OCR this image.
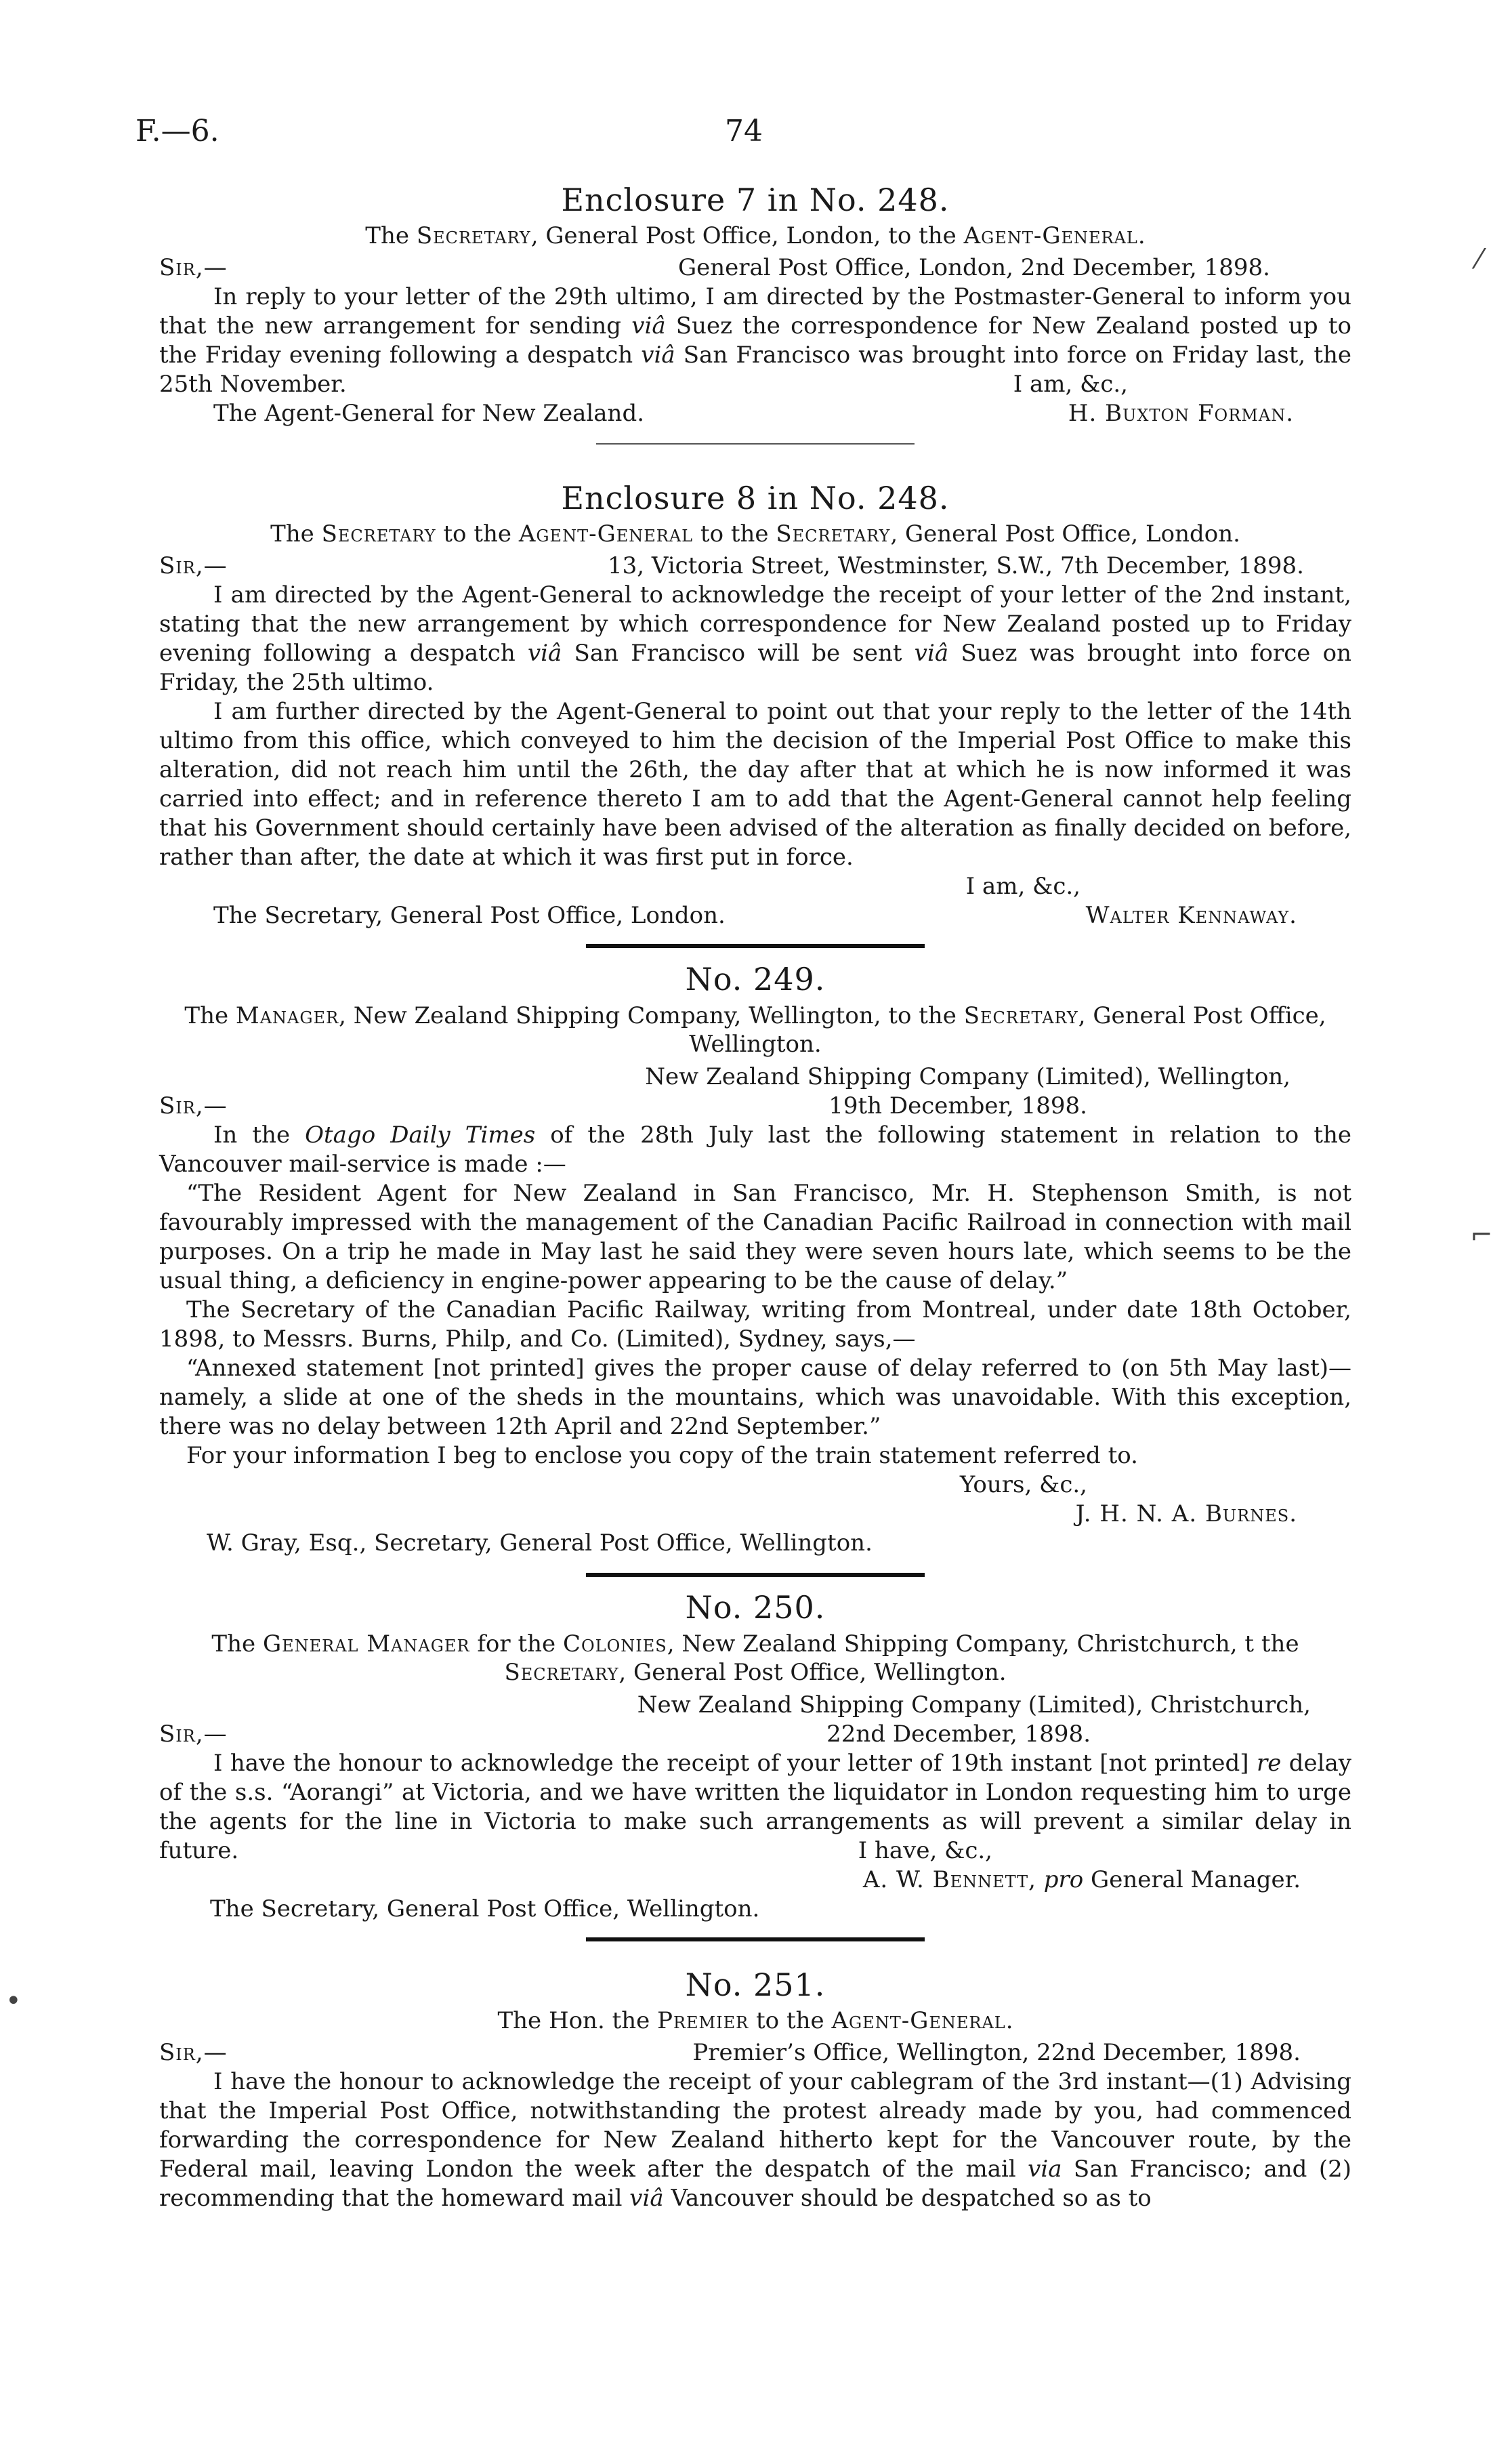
F.—6.	74
Enclosure 7 in No. 248.
The Secretary, General Post Office, London, to the Agent-General.
Sir,—	General Post Office, London, 2nd December, 1898.

In reply to your letter of the 29th ultimo, I am directed by the Postmaster-General to inform you that the new arrangement for sending viâ Suez the correspondence for New Zealand posted up to the Friday evening following a despatch viâ San Francisco was brought into force on Friday last, the 25th November.	I am, &c.,
The Agent-General for New Zealand.	H. Buxton Forman.
Enclosure 8 in No. 248.
The Secretary to the Agent-General to the Secretary, General Post Office, London.
Sir,—	13, Victoria Street, Westminster, S.W., 7th December, 1898.

I am directed by the Agent-General to acknowledge the receipt of your letter of the 2nd instant, stating that the new arrangement by which correspondence for New Zealand posted up to Friday evening following a despatch viâ San Francisco will be sent viâ Suez was brought into force on Friday, the 25th ultimo.

I am further directed by the Agent-General to point out that your reply to the letter of the 14th ultimo from this office, which conveyed to him the decision of the Imperial Post Office to make this alteration, did not reach him until the 26th, the day after that at which he is now informed it was carried into effect; and in reference thereto I am to add that the Agent-General cannot help feeling that his Government should certainly have been advised of the alteration as finally decided on before, rather than after, the date at which it was first put in force.

I am, &c.,
The Secretary, General Post Office, London.	Walter Kennaway.
No. 249.
The Manager, New Zealand Shipping Company, Wellington, to the Secretary, General Post Office, Wellington.
New Zealand Shipping Company (Limited), Wellington,
Sir,—	19th December, 1898.

In the Otago Daily Times of the 28th July last the following statement in relation to the Vancouver mail-service is made :—

“The Resident Agent for New Zealand in San Francisco, Mr. H. Stephenson Smith, is not favourably impressed with the management of the Canadian Pacific Railroad in connection with mail purposes. On a trip he made in May last he said they were seven hours late, which seems to be the usual thing, a deficiency in engine-power appearing to be the cause of delay.”

The Secretary of the Canadian Pacific Railway, writing from Montreal, under date 18th October, 1898, to Messrs. Burns, Philp, and Co. (Limited), Sydney, says,—

“Annexed statement [not printed] gives the proper cause of delay referred to (on 5th May last)—namely, a slide at one of the sheds in the mountains, which was unavoidable. With this exception, there was no delay between 12th April and 22nd September.”

For your information I beg to enclose you copy of the train statement referred to.

Yours, &c.,
J. H. N. A. Burnes.
W. Gray, Esq., Secretary, General Post Office, Wellington.
No. 250.
The General Manager for the Colonies, New Zealand Shipping Company, Christchurch, t the Secretary, General Post Office, Wellington.
New Zealand Shipping Company (Limited), Christchurch,
Sir,—	22nd December, 1898.

I have the honour to acknowledge the receipt of your letter of 19th instant [not printed] re delay of the s.s. “Aorangi” at Victoria, and we have written the liquidator in London requesting him to urge the agents for the line in Victoria to make such arrangements as will prevent a similar delay in future.	I have, &c.,
A. W. Bennett, pro General Manager.
The Secretary, General Post Office, Wellington.
No. 251.
The Hon. the Premier to the Agent-General.
Sir,—	Premier’s Office, Wellington, 22nd December, 1898.

I have the honour to acknowledge the receipt of your cablegram of the 3rd instant—(1) Advising that the Imperial Post Office, notwithstanding the protest already made by you, had commenced forwarding the correspondence for New Zealand hitherto kept for the Vancouver route, by the Federal mail, leaving London the week after the despatch of the mail via San Francisco; and (2) recommending that the homeward mail viâ Vancouver should be despatched so as to

⁄
⌐
•
